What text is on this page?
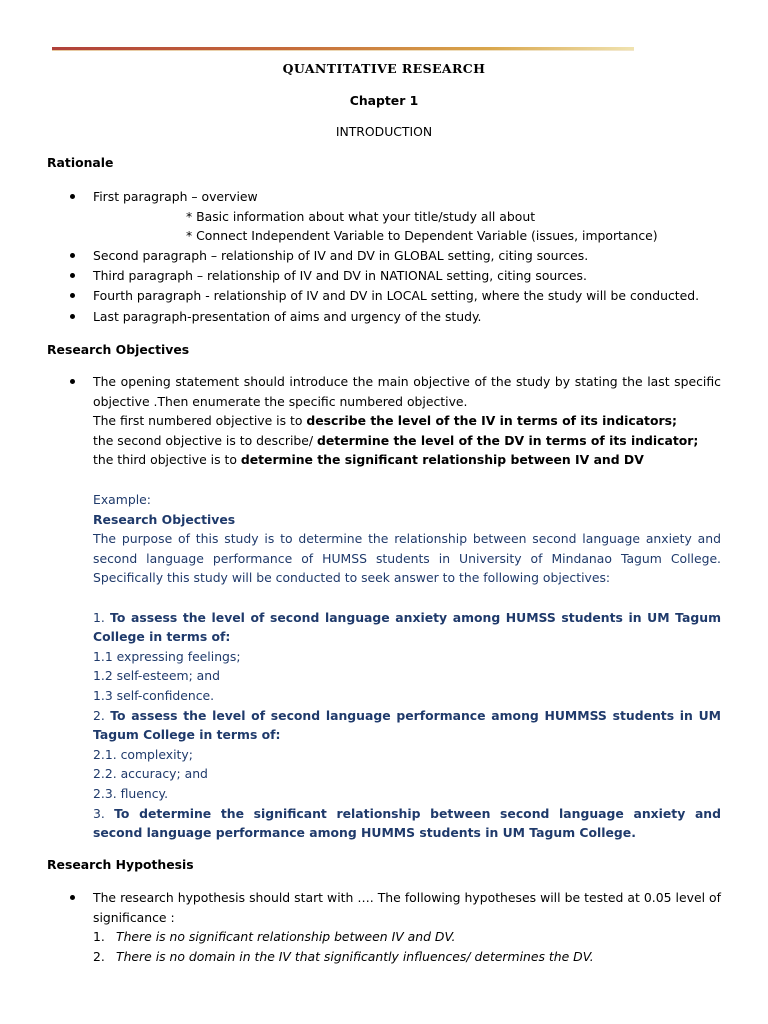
QUANTITATIVE RESEARCH
Chapter 1
INTRODUCTION
Rationale
First paragraph – overview
* Basic information about what your title/study all about
* Connect Independent Variable to Dependent Variable (issues, importance)
Second paragraph – relationship of IV and DV in GLOBAL setting, citing sources.
Third paragraph – relationship of IV and DV in NATIONAL setting, citing sources.
Fourth paragraph - relationship of IV and DV in LOCAL setting, where the study will be conducted.
Last paragraph-presentation of aims and urgency of the study.
Research Objectives
The opening statement should introduce the main objective of the study by stating the last specific objective .Then enumerate the specific numbered objective.
The first numbered objective is to describe the level of the IV in terms of its indicators;
the second objective is to describe/ determine the level of the DV in terms of its indicator;
the third objective is to determine the significant relationship between IV and DV
Example:
Research Objectives
The purpose of this study is to determine the relationship between second language anxiety and second language performance of HUMSS students in University of Mindanao Tagum College. Specifically this study will be conducted to seek answer to the following objectives:
1. To assess the level of second language anxiety among HUMSS students in UM Tagum College in terms of:
1.1 expressing feelings;
1.2 self-esteem; and
1.3 self-confidence.
2. To assess the level of second language performance among HUMMSS students in UM Tagum College in terms of:
2.1. complexity;
2.2. accuracy; and
2.3. fluency.
3. To determine the significant relationship between second language anxiety and second language performance among HUMMS students in UM Tagum College.
Research Hypothesis
The research hypothesis should start with …. The following hypotheses will be tested at 0.05 level of significance :
1. There is no significant relationship between IV and DV.
2. There is no domain in the IV that significantly influences/ determines the DV.
